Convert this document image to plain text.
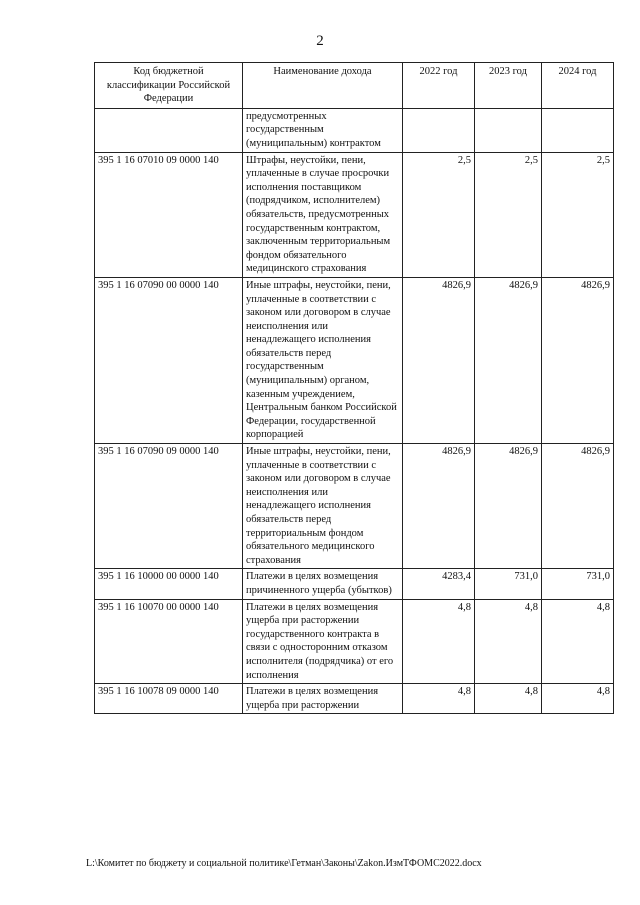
2
Код бюджетной классификации Российской Федерации	Наименование дохода	2022 год	2023 год	2024 год
	предусмотренных государственным (муниципальным) контрактом			
395 1 16 07010 09 0000 140	Штрафы, неустойки, пени, уплаченные в случае просрочки исполнения поставщиком (подрядчиком, исполнителем) обязательств, предусмотренных государственным контрактом, заключенным территориальным фондом обязательного медицинского страхования	2,5	2,5	2,5
395 1 16 07090 00 0000 140	Иные штрафы, неустойки, пени, уплаченные в соответствии с законом или договором в случае неисполнения или ненадлежащего исполнения обязательств перед государственным (муниципальным) органом, казенным учреждением, Центральным банком Российской Федерации, государственной корпорацией	4826,9	4826,9	4826,9
395 1 16 07090 09 0000 140	Иные штрафы, неустойки, пени, уплаченные в соответствии с законом или договором в случае неисполнения или ненадлежащего исполнения обязательств перед территориальным фондом обязательного медицинского страхования	4826,9	4826,9	4826,9
395 1 16 10000 00 0000 140	Платежи в целях возмещения причиненного ущерба (убытков)	4283,4	731,0	731,0
395 1 16 10070 00 0000 140	Платежи в целях возмещения ущерба при расторжении государственного контракта в связи с односторонним отказом исполнителя (подрядчика) от его исполнения	4,8	4,8	4,8
395 1 16 10078 09 0000 140	Платежи в целях возмещения ущерба при расторжении	4,8	4,8	4,8
L:\Комитет по бюджету и социальной политике\Гетман\Законы\Zakon.ИзмТФОМС2022.docx
